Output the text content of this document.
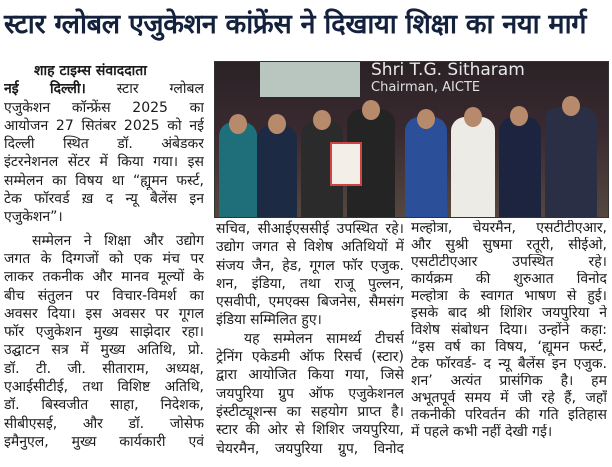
स्टार ग्लोबल एजुकेशन कांफ्रेंस ने दिखाया शिक्षा का नया मार्ग
Shri T.G. Sitharam
Chairman, AICTE
शाह टाइम्स संवाददाता
नई दिल्ली। स्टार ग्लोबल
एजुकेशन कॉन्फ्रेंस 2025 का
आयोजन 27 सितंबर 2025 को नई
दिल्ली स्थित डॉ. अंबेडकर
इंटरनेशनल सेंटर में किया गया। इस
सम्मेलन का विषय था “ह्यूमन फर्स्ट,
टेक फॉरवर्ड ख़ द न्यू बैलेंस इन
एजुकेशन”।
सम्मेलन ने शिक्षा और उद्योग
जगत के दिग्गजों को एक मंच पर
लाकर तकनीक और मानव मूल्यों के
बीच संतुलन पर विचार-विमर्श का
अवसर दिया। इस अवसर पर गूगल
फॉर एजुकेशन मुख्य साझेदार रहा।
उद्घाटन सत्र में मुख्य अतिथि, प्रो.
डॉ. टी. जी. सीताराम, अध्यक्ष,
एआईसीटीई, तथा विशिष्ट अतिथि,
डॉ. बिस्वजीत साहा, निदेशक,
सीबीएसई, और डॉ. जोसेफ
इमैनुएल, मुख्य कार्यकारी एवं
सचिव, सीआईएससीई उपस्थित रहे।
उद्योग जगत से विशेष अतिथियों में
संजय जैन, हेड, गूगल फॉर एजुक.
शन, इंडिया, तथा राजू पुल्लन,
एसवीपी, एमएक्स बिजनेस, सैमसंग
इंडिया सम्मिलित हुए।
यह सम्मेलन सामर्थ्य टीचर्स
ट्रेनिंग एकेडमी ऑफ रिसर्च (स्टार)
द्वारा आयोजित किया गया, जिसे
जयपुरिया ग्रुप ऑफ एजुकेशनल
इंस्टीट्यूशन्स का सहयोग प्राप्त है।
स्टार की ओर से शिशिर जयपुरिया,
चेयरमैन, जयपुरिया ग्रुप, विनोद
मल्होत्रा, चेयरमैन, एसटीटीएआर,
और सुश्री सुषमा रतूरी, सीईओ,
एसटीटीएआर उपस्थित रहे।
कार्यक्रम की शुरुआत विनोद
मल्होत्रा के स्वागत भाषण से हुई।
इसके बाद श्री शिशिर जयपुरिया ने
विशेष संबोधन दिया। उन्होंने कहा:
“इस वर्ष का विषय, ‘ह्यूमन फर्स्ट,
टेक फॉरवर्ड- द न्यू बैलेंस इन एजुक.
शन’ अत्यंत प्रासंगिक है। हम
अभूतपूर्व समय में जी रहे हैं, जहाँ
तकनीकी परिवर्तन की गति इतिहास
में पहले कभी नहीं देखी गई।
